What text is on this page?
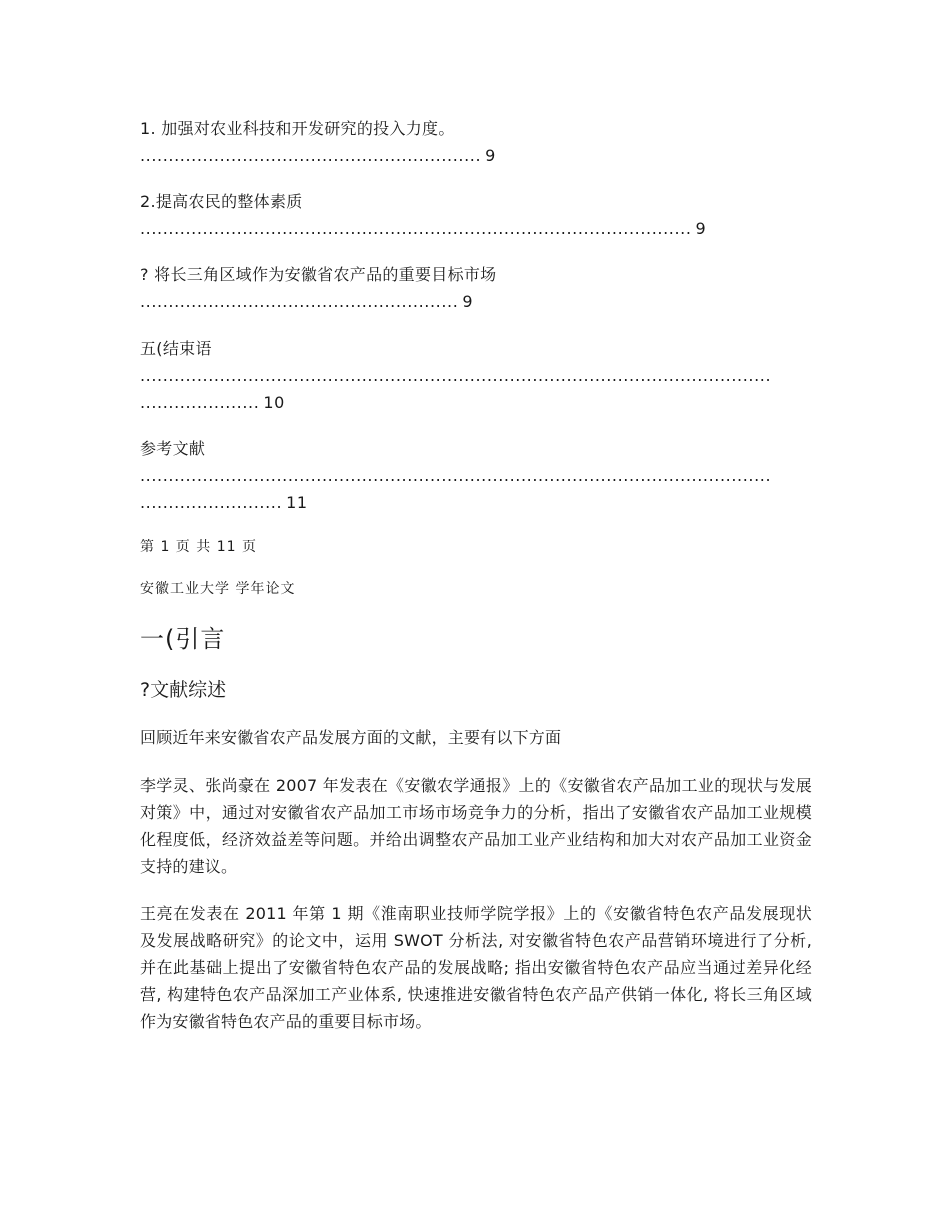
1. 加强对农业科技和开发研究的投入力度。
............................................................ 9
2.提高农民的整体素质
................................................................................................. 9
? 将长三角区域作为安徽省农产品的重要目标市场
........................................................ 9
五(结束语
...............................................................................................................
..................... 10
参考文献
...............................................................................................................
......................... 11
第 1 页 共 11 页
安徽工业大学 学年论文
一(引言
?文献综述
回顾近年来安徽省农产品发展方面的文献，主要有以下方面
李学灵、张尚豪在 2007 年发表在《安徽农学通报》上的《安徽省农产品加工业的现状与发展对策》中，通过对安徽省农产品加工市场市场竞争力的分析，指出了安徽省农产品加工业规模化程度低，经济效益差等问题。并给出调整农产品加工业产业结构和加大对农产品加工业资金支持的建议。
王亮在发表在 2011 年第 1 期《淮南职业技师学院学报》上的《安徽省特色农产品发展现状及发展战略研究》的论文中，运用 SWOT 分析法, 对安徽省特色农产品营销环境进行了分析, 并在此基础上提出了安徽省特色农产品的发展战略; 指出安徽省特色农产品应当通过差异化经营, 构建特色农产品深加工产业体系, 快速推进安徽省特色农产品产供销一体化, 将长三角区域作为安徽省特色农产品的重要目标市场。
